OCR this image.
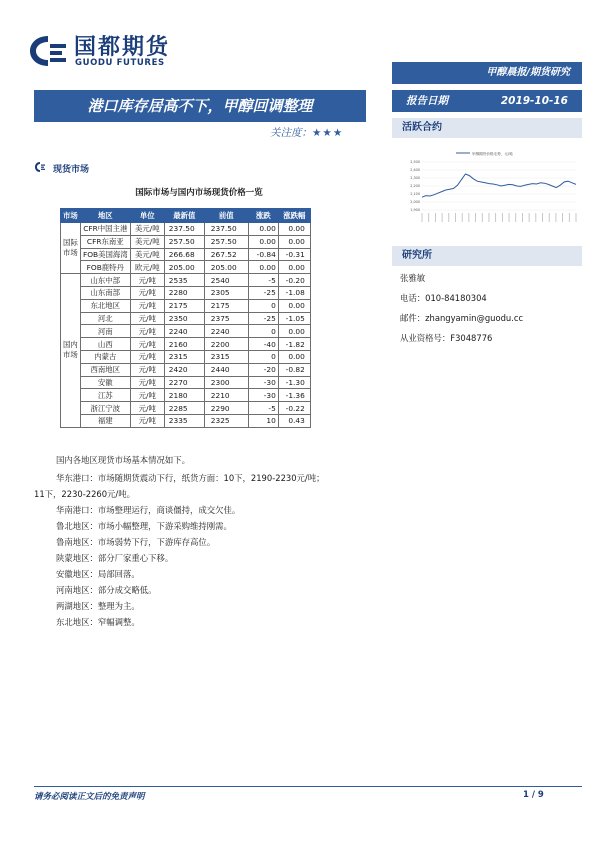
国都期货
GUODU FUTURES
甲醇晨报/期货研究
港口库存居高不下，甲醇回调整理
关注度：★★★
报告日期	2019-10-16
活跃合约
2,500
2,400
2,300
2,200
2,100
2,000
1,900
甲醇期货价格走势，元/吨
研究所
张雅敏
电话：010-84180304
邮件：zhangyamin@guodu.cc
从业资格号：F3048776
现货市场
国际市场与国内市场现货价格一览
市场	地区	单位	最新值	前值	涨跌	涨跌幅
国际
市场	CFR中国主港	美元/吨	237.50	237.50	0.00	0.00
	CFR东南亚	美元/吨	257.50	257.50	0.00	0.00
	FOB美国海湾	美元/吨	266.68	267.52	-0.84	-0.31
	FOB鹿特丹	欧元/吨	205.00	205.00	0.00	0.00
国内
市场	山东中部	元/吨	2535	2540	-5	-0.20
	山东南部	元/吨	2280	2305	-25	-1.08
	东北地区	元/吨	2175	2175	0	0.00
	河北	元/吨	2350	2375	-25	-1.05
	河南	元/吨	2240	2240	0	0.00
	山西	元/吨	2160	2200	-40	-1.82
	内蒙古	元/吨	2315	2315	0	0.00
	西南地区	元/吨	2420	2440	-20	-0.82
	安徽	元/吨	2270	2300	-30	-1.30
	江苏	元/吨	2180	2210	-30	-1.36
	浙江宁波	元/吨	2285	2290	-5	-0.22
	福建	元/吨	2335	2325	10	0.43
国内各地区现货市场基本情况如下。
华东港口：市场随期货震动下行，纸货方面：10下，2190-2230元/吨；
11下，2230-2260元/吨。
华南港口：市场整理运行，商谈僵持，成交欠佳。
鲁北地区：市场小幅整理，下游采购维持刚需。
鲁南地区：市场弱势下行，下游库存高位。
陕蒙地区：部分厂家重心下移。
安徽地区：局部回落。
河南地区：部分成交略低。
两湖地区：整理为主。
东北地区：窄幅调整。
请务必阅读正文后的免责声明	1 / 9
